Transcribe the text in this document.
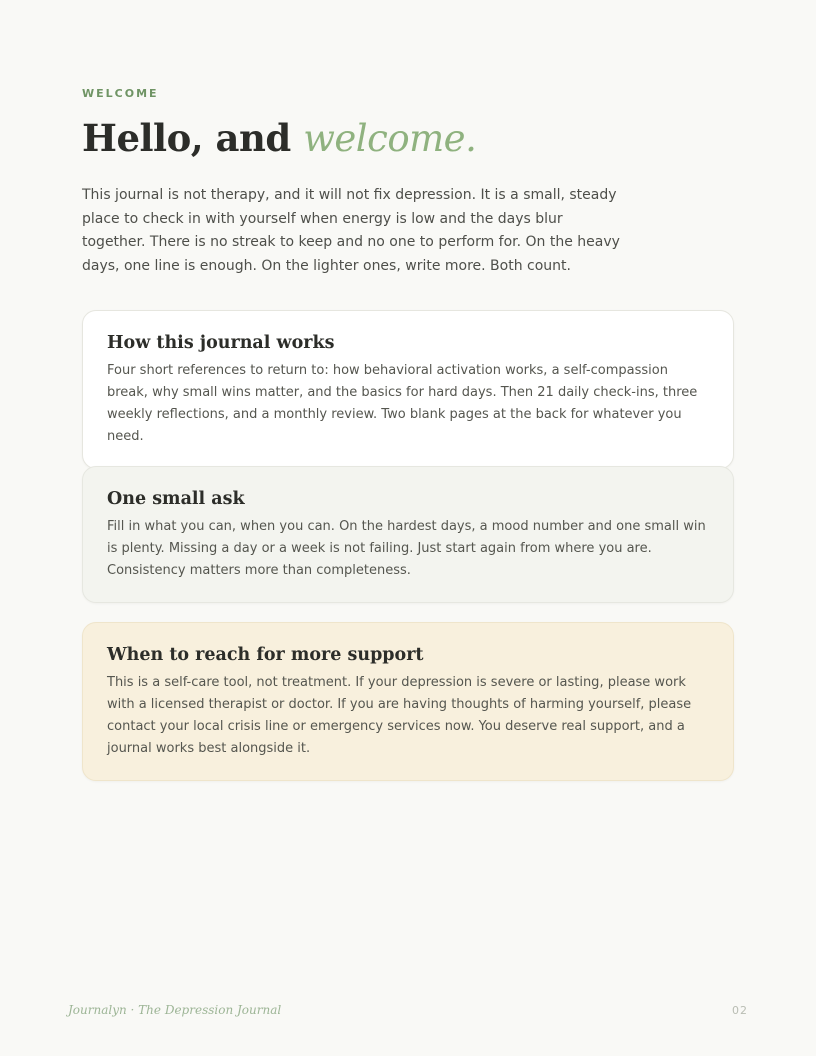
WELCOME
Hello, and welcome.

This journal is not therapy, and it will not fix depression. It is a small, steady place to check in with yourself when energy is low and the days blur together. There is no streak to keep and no one to perform for. On the heavy days, one line is enough. On the lighter ones, write more. Both count.

How this journal works

Four short references to return to: how behavioral activation works, a self-compassion break, why small wins matter, and the basics for hard days. Then 21 daily check-ins, three weekly reflections, and a monthly review. Two blank pages at the back for whatever you need.

One small ask

Fill in what you can, when you can. On the hardest days, a mood number and one small win is plenty. Missing a day or a week is not failing. Just start again from where you are. Consistency matters more than completeness.

When to reach for more support

This is a self-care tool, not treatment. If your depression is severe or lasting, please work with a licensed therapist or doctor. If you are having thoughts of harming yourself, please contact your local crisis line or emergency services now. You deserve real support, and a journal works best alongside it.

Journalyn · The Depression Journal	02
